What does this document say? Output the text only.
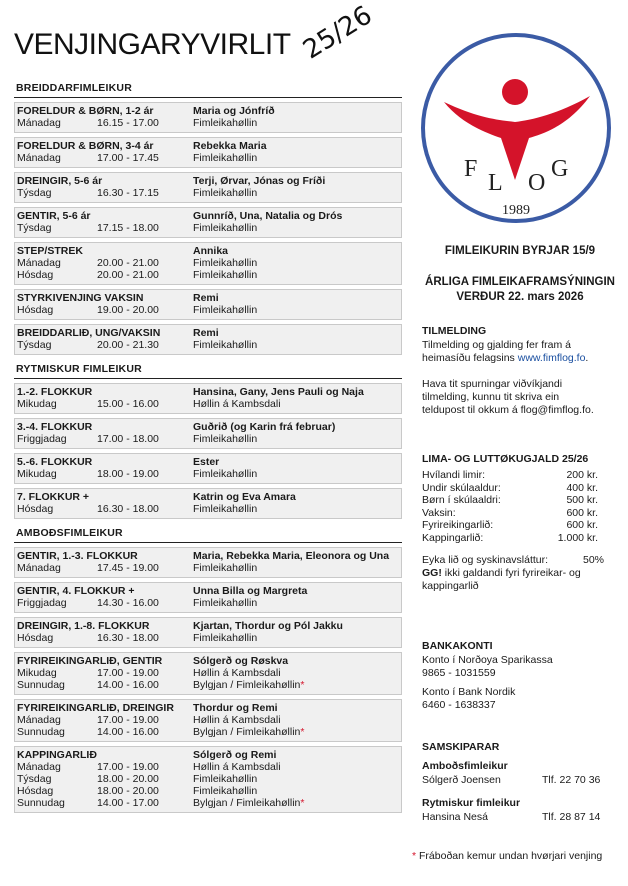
VENJINGARYVIRLIT 25/26
BREIDDARFIMLEIKUR
FORELDUR & BØRN, 1-2 ár	Maria og Jónfríð
Mánadag	16.15 - 17.00	Fimleikahøllin
FORELDUR & BØRN, 3-4 ár	Rebekka Maria
Mánadag	17.00 - 17.45	Fimleikahøllin
DREINGIR, 5-6 ár	Terji, Ørvar, Jónas og Fríði
Týsdag	16.30 - 17.15	Fimleikahøllin
GENTIR, 5-6 ár	Gunnríð, Una, Natalia og Drós
Týsdag	17.15 - 18.00	Fimleikahøllin
STEP/STREK	Annika
Mánadag	20.00 - 21.00	Fimleikahøllin
Hósdag	20.00 - 21.00	Fimleikahøllin
STYRKIVENJING VAKSIN	Remi
Hósdag	19.00 - 20.00	Fimleikahøllin
BREIDDARLIÐ, UNG/VAKSIN	Remi
Týsdag	20.00 - 21.30	Fimleikahøllin
RYTMISKUR FIMLEIKUR
1.-2. FLOKKUR	Hansina, Gany, Jens Pauli og Naja
Mikudag	15.00 - 16.00	Høllin á Kambsdali
3.-4. FLOKKUR	Guðrið (og Karin frá februar)
Friggjadag	17.00 - 18.00	Fimleikahøllin
5.-6. FLOKKUR	Ester
Mikudag	18.00 - 19.00	Fimleikahøllin
7. FLOKKUR +	Katrin og Eva Amara
Hósdag	16.30 - 18.00	Fimleikahøllin
AMBOÐSFIMLEIKUR
GENTIR, 1.-3. FLOKKUR	Maria, Rebekka Maria, Eleonora og Una
Mánadag	17.45 - 19.00	Fimleikahøllin
GENTIR, 4. FLOKKUR +	Unna Billa og Margreta
Friggjadag	14.30 - 16.00	Fimleikahøllin
DREINGIR, 1.-8. FLOKKUR	Kjartan, Thordur og Pól Jakku
Hósdag	16.30 - 18.00	Fimleikahøllin
FYRIREIKINGARLIÐ, GENTIR	Sólgerð og Røskva
Mikudag	17.00 - 19.00	Høllin á Kambsdali
Sunnudag	14.00 - 16.00	Bylgjan / Fimleikahøllin*
FYRIREIKINGARLIÐ, DREINGIR	Thordur og Remi
Mánadag	17.00 - 19.00	Høllin á Kambsdali
Sunnudag	14.00 - 16.00	Bylgjan / Fimleikahøllin*
KAPPINGARLIÐ	Sólgerð og Remi
Mánadag	17.00 - 19.00	Høllin á Kambsdali
Týsdag	18.00 - 20.00	Fimleikahøllin
Hósdag	18.00 - 20.00	Fimleikahøllin
Sunnudag	14.00 - 17.00	Bylgjan / Fimleikahøllin*
F
L O
G
1989
FIMLEIKURIN BYRJAR 15/9
ÁRLIGA FIMLEIKAFRAMSÝNINGIN
VERÐUR 22. mars 2026
TILMELDING
Tilmelding og gjalding fer fram á
heimasíðu felagsins www.fimflog.fo.
Hava tit spurningar viðvíkjandi
tilmelding, kunnu tit skriva ein
teldupost til okkum á flog@fimflog.fo.
LIMA- OG LUTTØKUGJALD 25/26
Hvílandi limir:	200 kr.
Undir skúlaaldur:	400 kr.
Børn í skúlaaldri:	500 kr.
Vaksin:	600 kr.
Fyrireikingarlið:	600 kr.
Kappingarlið:	1.000 kr.
Eyka lið og syskinavsláttur:	50%
GG! ikki galdandi fyri fyrireikar- og
kappingarlið
BANKAKONTI
Konto í Norðoya Sparikassa
9865 - 1031559
Konto í Bank Nordik
6460 - 1638337
SAMSKIPARAR
Amboðsfimleikur
Sólgerð Joensen	Tlf. 22 70 36
Rytmiskur fimleikur
Hansina Nesá	Tlf. 28 87 14
* Fráboðan kemur undan hvørjari venjing
